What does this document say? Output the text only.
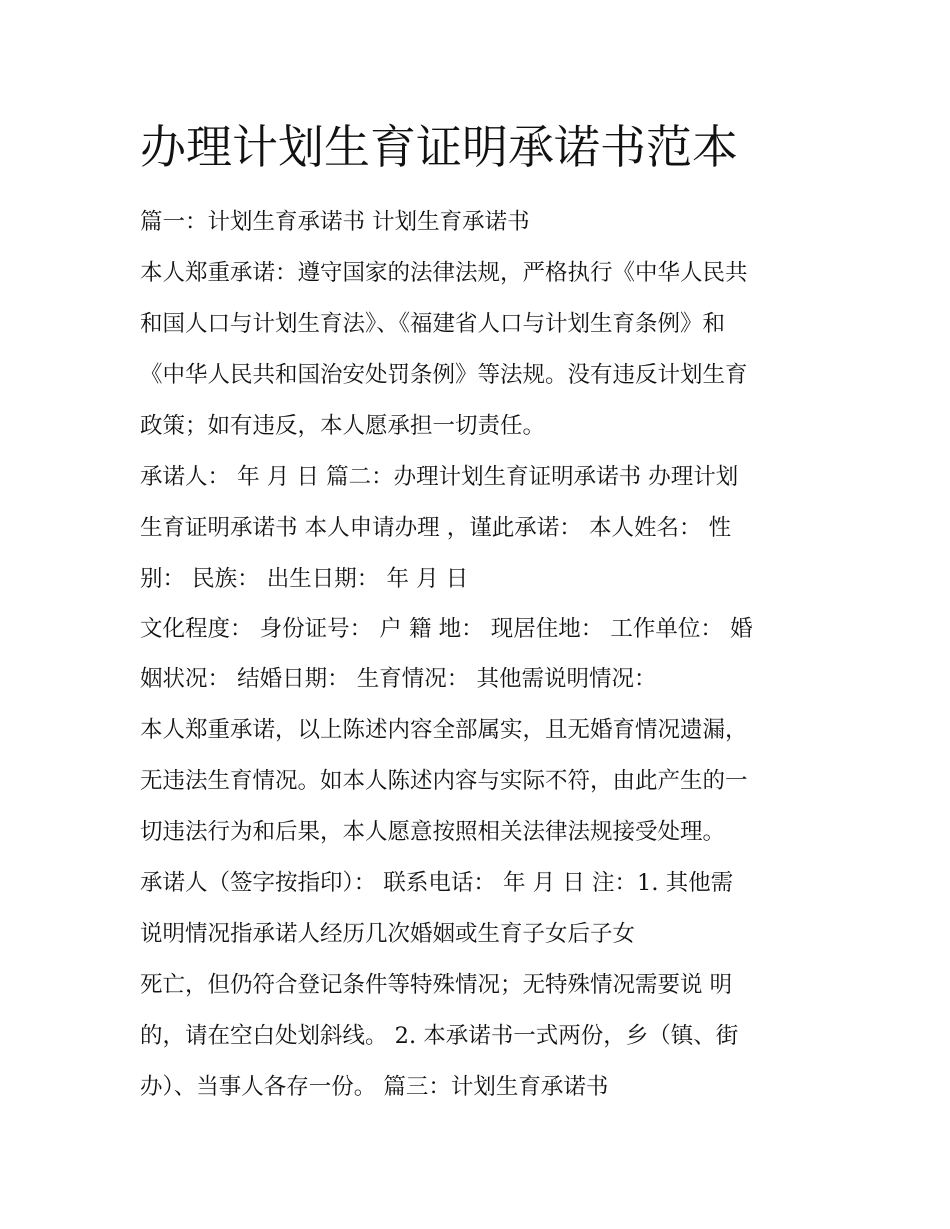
办理计划生育证明承诺书范本
篇一：计划生育承诺书 计划生育承诺书
本人郑重承诺：遵守国家的法律法规，严格执行《中华人民共
和国人口与计划生育法》、《福建省人口与计划生育条例》和
《中华人民共和国治安处罚条例》等法规。没有违反计划生育
政策；如有违反，本人愿承担一切责任。
承诺人： 年 月 日 篇二：办理计划生育证明承诺书 办理计划
生育证明承诺书 本人申请办理 ，谨此承诺： 本人姓名： 性
别： 民族： 出生日期： 年 月 日
文化程度： 身份证号： 户 籍 地： 现居住地： 工作单位： 婚
姻状况： 结婚日期： 生育情况： 其他需说明情况：
本人郑重承诺，以上陈述内容全部属实，且无婚育情况遗漏，
无违法生育情况。如本人陈述内容与实际不符，由此产生的一
切违法行为和后果，本人愿意按照相关法律法规接受处理。
承诺人（签字按指印）： 联系电话： 年 月 日 注：1. 其他需
说明情况指承诺人经历几次婚姻或生育子女后子女
死亡，但仍符合登记条件等特殊情况；无特殊情况需要说 明
的，请在空白处划斜线。 2. 本承诺书一式两份，乡（镇、街
办）、当事人各存一份。 篇三：计划生育承诺书
